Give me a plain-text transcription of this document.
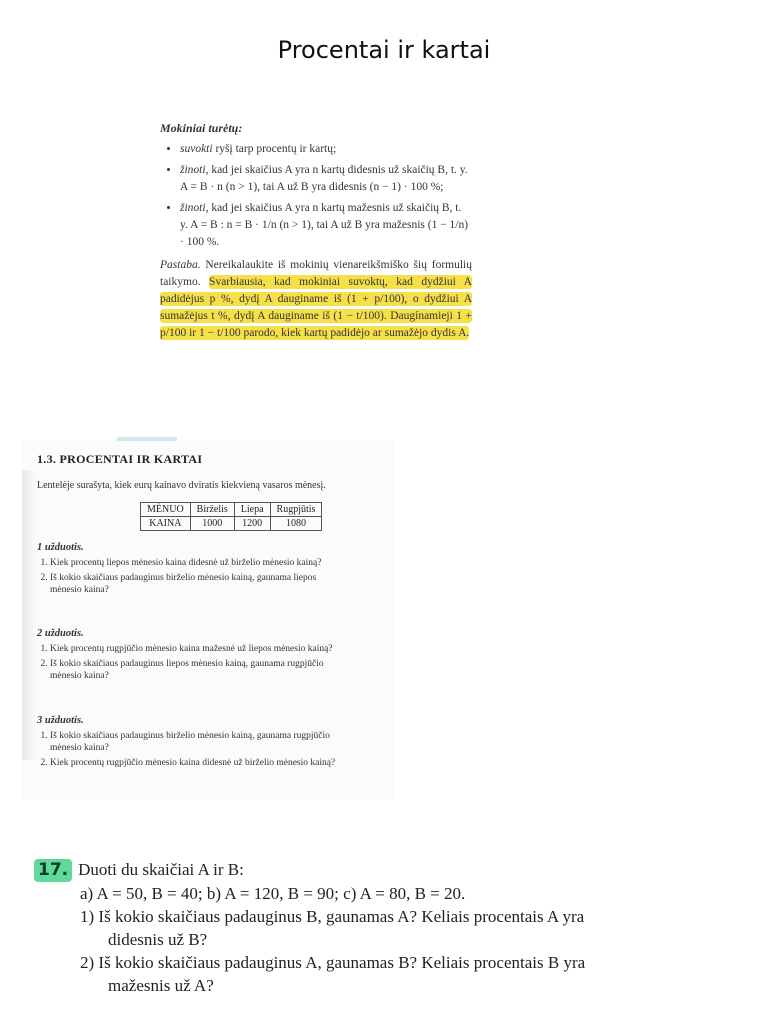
Procentai ir kartai
Mokiniai turėtų:
• suvokti ryšį tarp procentų ir kartų;
• žinoti, kad jei skaičius A yra n kartų didesnis už skaičių B, t. y. A = B · n (n > 1), tai A už B yra didesnis (n − 1) · 100 %;
• žinoti, kad jei skaičius A yra n kartų mažesnis už skaičių B, t. y. A = B : n = B · 1/n (n > 1), tai A už B yra mažesnis (1 − 1/n) · 100 %.

Pastaba. Nereikalaukite iš mokinių vienareikšmiško šių formulių taikymo. Svarbiausia, kad mokiniai suvoktų, kad dydžiui A padidėjus p %, dydį A dauginame iš (1 + p/100), o dydžiui A sumažėjus t %, dydį A dauginame iš (1 − t/100). Daugínamieji 1 + p/100 ir 1 − t/100 parodo, kiek kartų padidėjo ar sumažėjo dydis A.

1.3. PROCENTAI IR KARTAI
Lentelėje surašyta, kiek eurų kainavo dviratis kiekvieną vasaros mėnesį.
MĖNUO	Birželis	Liepa	Rugpjūtis
KAINA	1000	1200	1080
1 užduotis.
1. Kiek procentų liepos mėnesio kaina didesnė už birželio mėnesio kainą?
2. Iš kokio skaičiaus padauginus birželio mėnesio kainą, gaunama liepos mėnesio kaina?
2 užduotis.
1. Kiek procentų rugpjūčio mėnesio kaina mažesnė už liepos mėnesio kainą?
2. Iš kokio skaičiaus padauginus liepos mėnesio kainą, gaunama rugpjūčio mėnesio kaina?
3 užduotis.
1. Iš kokio skaičiaus padauginus birželio mėnesio kainą, gaunama rugpjūčio mėnesio kaina?
2. Kiek procentų rugpjūčio mėnesio kaina didesnė už birželio mėnesio kainą?

17. Duoti du skaičiai A ir B:

a) A = 50, B = 40; b) A = 120, B = 90; c) A = 80, B = 20.

1) Iš kokio skaičiaus padauginus B, gaunamas A? Keliais procentais A yra

didesnis už B?

2) Iš kokio skaičiaus padauginus A, gaunamas B? Keliais procentais B yra

mažesnis už A?
